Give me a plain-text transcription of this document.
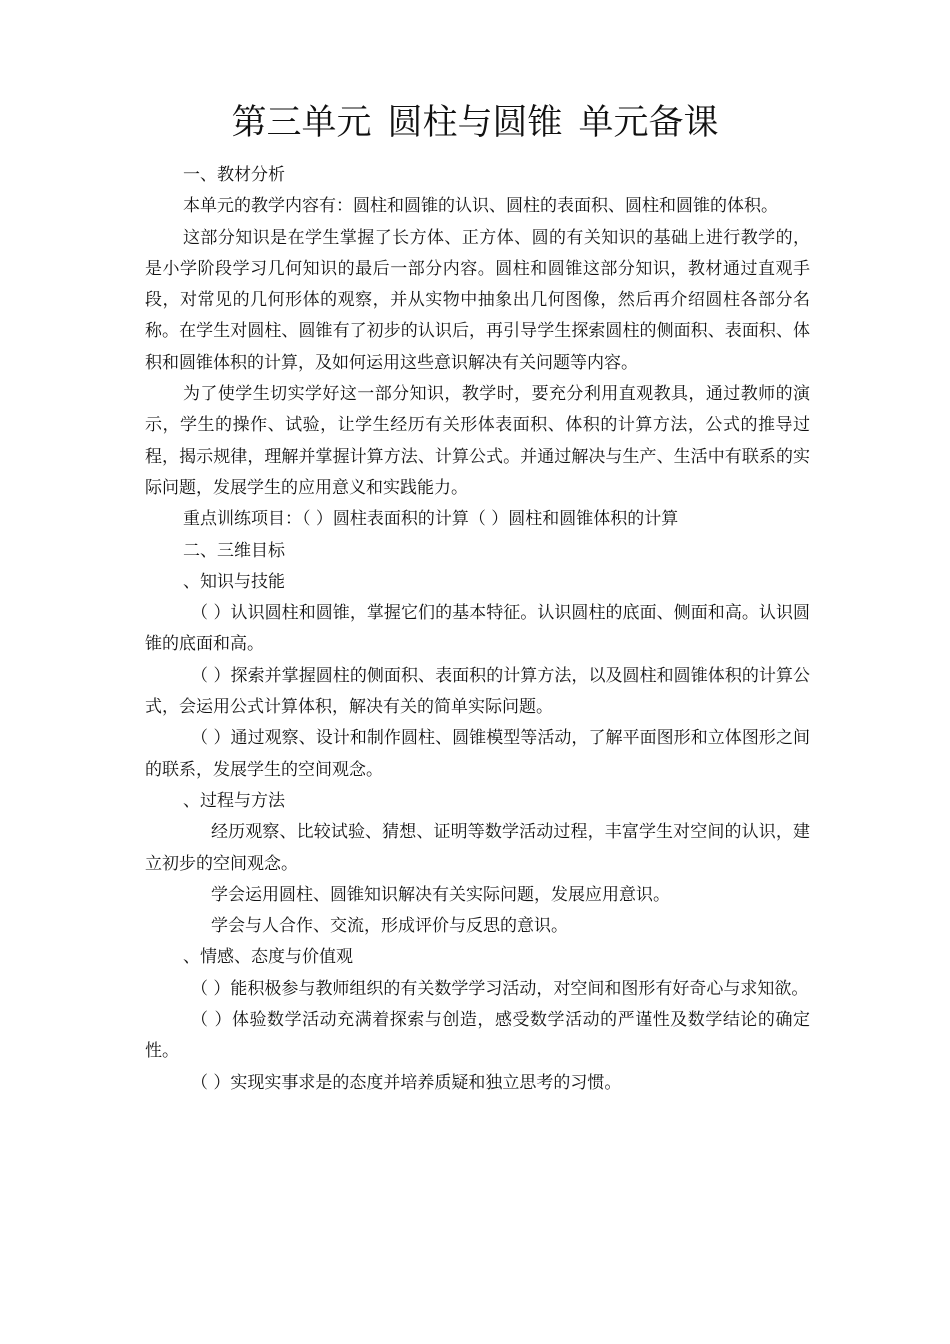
第三单元 圆柱与圆锥 单元备课

一、教材分析

本单元的教学内容有：圆柱和圆锥的认识、圆柱的表面积、圆柱和圆锥的体积。

这部分知识是在学生掌握了长方体、正方体、圆的有关知识的基础上进行教学的，是小学阶段学习几何知识的最后一部分内容。圆柱和圆锥这部分知识，教材通过直观手段，对常见的几何形体的观察，并从实物中抽象出几何图像，然后再介绍圆柱各部分名称。在学生对圆柱、圆锥有了初步的认识后，再引导学生探索圆柱的侧面积、表面积、体积和圆锥体积的计算，及如何运用这些意识解决有关问题等内容。

为了使学生切实学好这一部分知识，教学时，要充分利用直观教具，通过教师的演示，学生的操作、试验，让学生经历有关形体表面积、体积的计算方法，公式的推导过程，揭示规律，理解并掌握计算方法、计算公式。并通过解决与生产、生活中有联系的实际问题，发展学生的应用意义和实践能力。

重点训练项目：（ ）圆柱表面积的计算（ ）圆柱和圆锥体积的计算

二、三维目标

、知识与技能

（ ）认识圆柱和圆锥，掌握它们的基本特征。认识圆柱的底面、侧面和高。认识圆锥的底面和高。

（ ）探索并掌握圆柱的侧面积、表面积的计算方法，以及圆柱和圆锥体积的计算公式，会运用公式计算体积，解决有关的简单实际问题。

（ ）通过观察、设计和制作圆柱、圆锥模型等活动，了解平面图形和立体图形之间的联系，发展学生的空间观念。

、过程与方法

经历观察、比较试验、猜想、证明等数学活动过程，丰富学生对空间的认识，建立初步的空间观念。

学会运用圆柱、圆锥知识解决有关实际问题，发展应用意识。

学会与人合作、交流，形成评价与反思的意识。

、情感、态度与价值观

（ ）能积极参与教师组织的有关数学学习活动，对空间和图形有好奇心与求知欲。

（ ）体验数学活动充满着探索与创造，感受数学活动的严谨性及数学结论的确定性。

（ ）实现实事求是的态度并培养质疑和独立思考的习惯。
